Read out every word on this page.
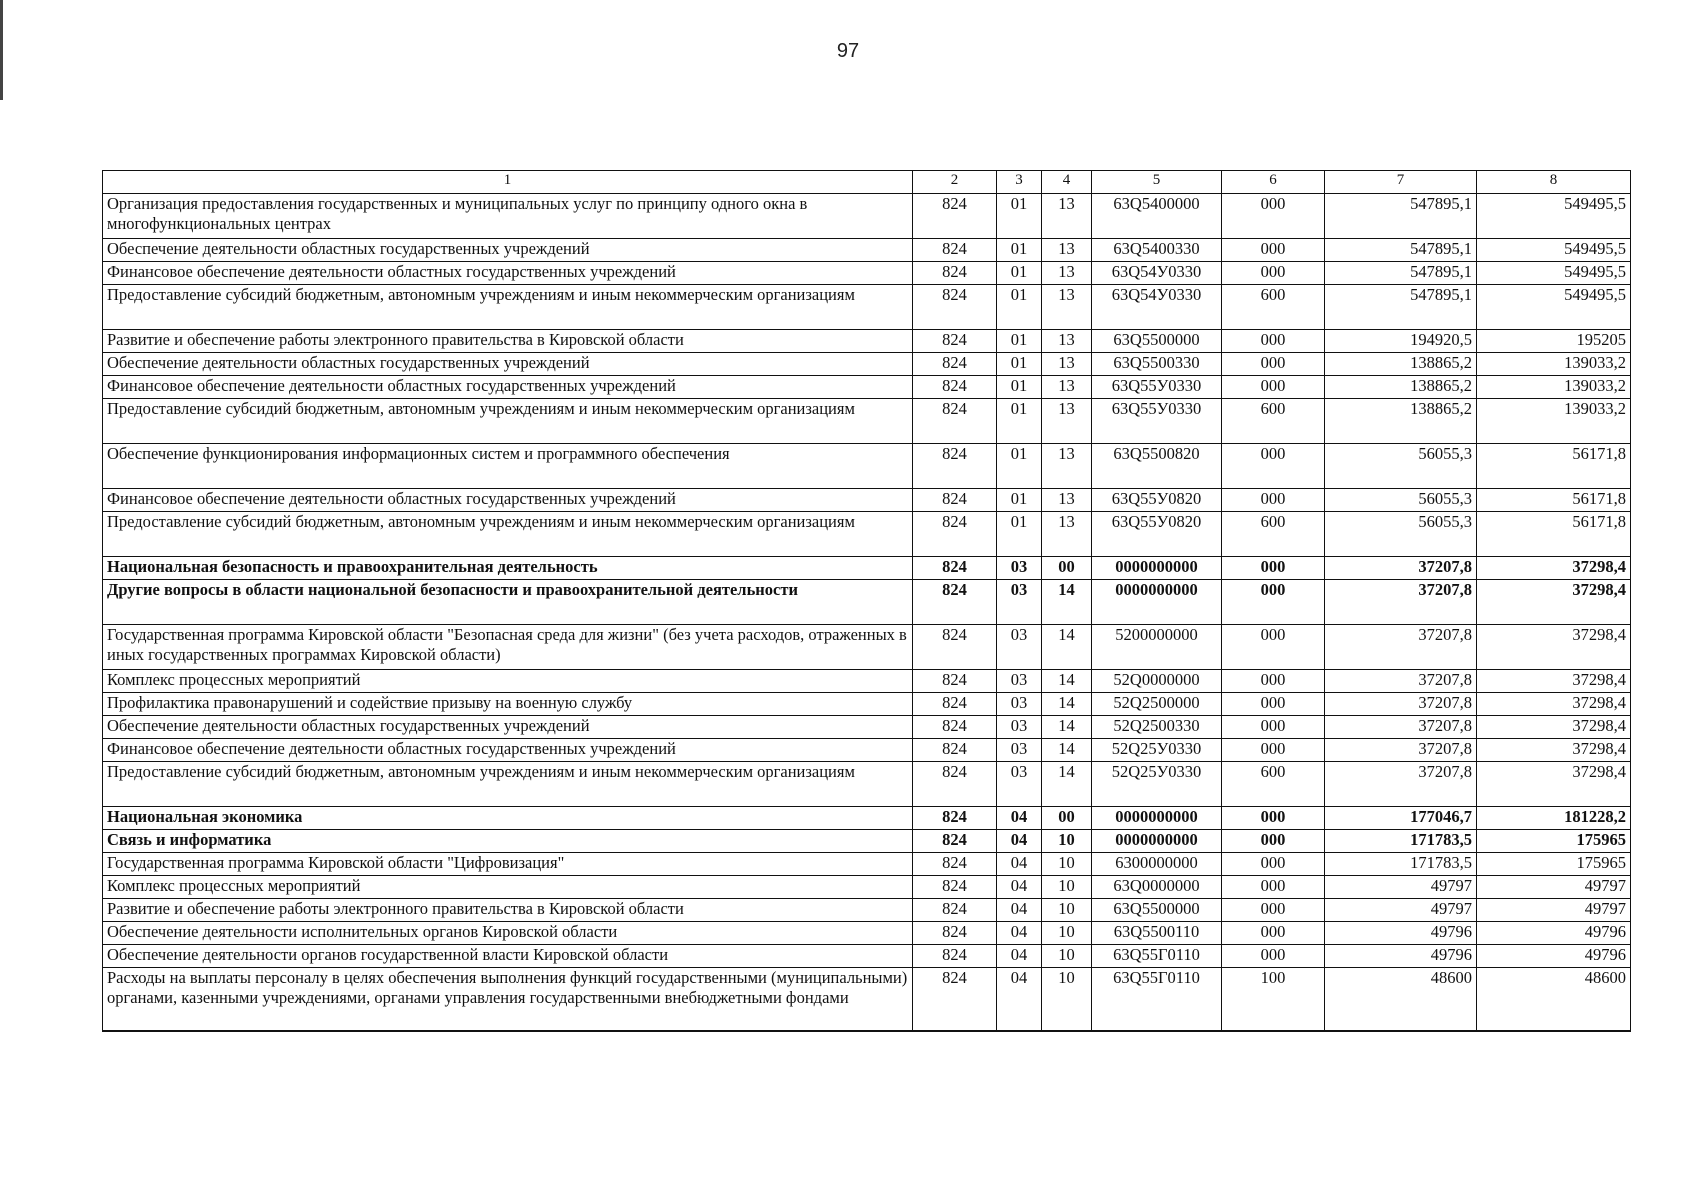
97
1	2	3	4	5	6	7	8
Организация предоставления государственных и муниципальных услуг по принципу одного окна в многофункциональных центрах	824	01	13	63Q5400000	000	547895,1	549495,5
Обеспечение деятельности областных государственных учреждений	824	01	13	63Q5400330	000	547895,1	549495,5
Финансовое обеспечение деятельности областных государственных учреждений	824	01	13	63Q54У0330	000	547895,1	549495,5
Предоставление субсидий бюджетным, автономным учреждениям и иным некоммерческим организациям	824	01	13	63Q54У0330	600	547895,1	549495,5
Развитие и обеспечение работы электронного правительства в Кировской области	824	01	13	63Q5500000	000	194920,5	195205
Обеспечение деятельности областных государственных учреждений	824	01	13	63Q5500330	000	138865,2	139033,2
Финансовое обеспечение деятельности областных государственных учреждений	824	01	13	63Q55У0330	000	138865,2	139033,2
Предоставление субсидий бюджетным, автономным учреждениям и иным некоммерческим организациям	824	01	13	63Q55У0330	600	138865,2	139033,2
Обеспечение функционирования информационных систем и программного обеспечения	824	01	13	63Q5500820	000	56055,3	56171,8
Финансовое обеспечение деятельности областных государственных учреждений	824	01	13	63Q55У0820	000	56055,3	56171,8
Предоставление субсидий бюджетным, автономным учреждениям и иным некоммерческим организациям	824	01	13	63Q55У0820	600	56055,3	56171,8
Национальная безопасность и правоохранительная деятельность	824	03	00	0000000000	000	37207,8	37298,4
Другие вопросы в области национальной безопасности и правоохранительной деятельности	824	03	14	0000000000	000	37207,8	37298,4
Государственная программа Кировской области "Безопасная среда для жизни" (без учета расходов, отраженных в иных государственных программах Кировской области)	824	03	14	5200000000	000	37207,8	37298,4
Комплекс процессных мероприятий	824	03	14	52Q0000000	000	37207,8	37298,4
Профилактика правонарушений и содействие призыву на военную службу	824	03	14	52Q2500000	000	37207,8	37298,4
Обеспечение деятельности областных государственных учреждений	824	03	14	52Q2500330	000	37207,8	37298,4
Финансовое обеспечение деятельности областных государственных учреждений	824	03	14	52Q25У0330	000	37207,8	37298,4
Предоставление субсидий бюджетным, автономным учреждениям и иным некоммерческим организациям	824	03	14	52Q25У0330	600	37207,8	37298,4
Национальная экономика	824	04	00	0000000000	000	177046,7	181228,2
Связь и информатика	824	04	10	0000000000	000	171783,5	175965
Государственная программа Кировской области "Цифровизация"	824	04	10	6300000000	000	171783,5	175965
Комплекс процессных мероприятий	824	04	10	63Q0000000	000	49797	49797
Развитие и обеспечение работы электронного правительства в Кировской области	824	04	10	63Q5500000	000	49797	49797
Обеспечение деятельности исполнительных органов Кировской области	824	04	10	63Q5500110	000	49796	49796
Обеспечение деятельности органов государственной власти Кировской области	824	04	10	63Q55Г0110	000	49796	49796
Расходы на выплаты персоналу в целях обеспечения выполнения функций государственными (муниципальными) органами, казенными учреждениями, органами управления государственными внебюджетными фондами	824	04	10	63Q55Г0110	100	48600	48600
